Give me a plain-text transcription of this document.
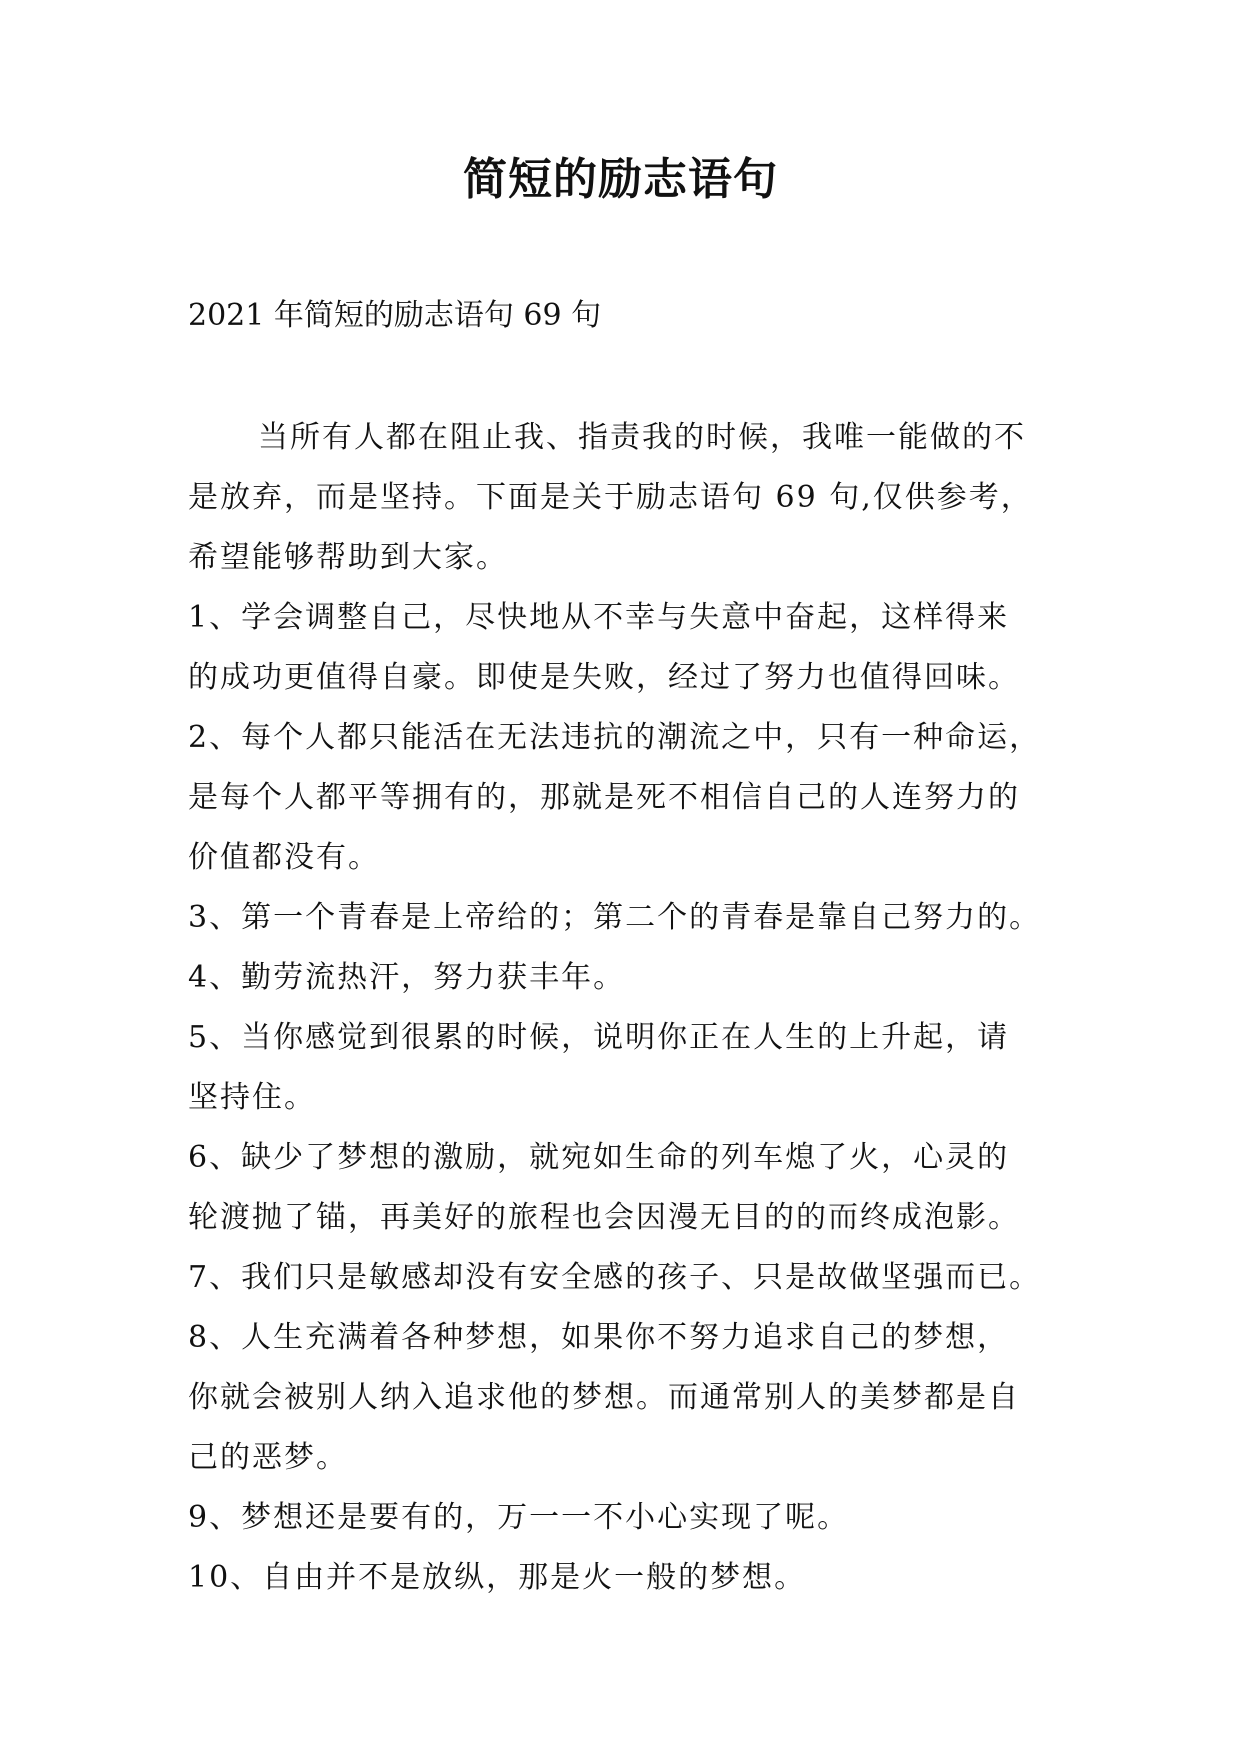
简短的励志语句

2021 年简短的励志语句 69 句

当所有人都在阻止我、指责我的时候，我唯一能做的不
是放弃，而是坚持。下面是关于励志语句 69 句,仅供参考，
希望能够帮助到大家。
1、学会调整自己，尽快地从不幸与失意中奋起，这样得来
的成功更值得自豪。即使是失败，经过了努力也值得回味。
2、每个人都只能活在无法违抗的潮流之中，只有一种命运，
是每个人都平等拥有的，那就是死不相信自己的人连努力的
价值都没有。
3、第一个青春是上帝给的；第二个的青春是靠自己努力的。
4、勤劳流热汗，努力获丰年。
5、当你感觉到很累的时候，说明你正在人生的上升起，请
坚持住。
6、缺少了梦想的激励，就宛如生命的列车熄了火，心灵的
轮渡抛了锚，再美好的旅程也会因漫无目的的而终成泡影。
7、我们只是敏感却没有安全感的孩子、只是故做坚强而已。
8、人生充满着各种梦想，如果你不努力追求自己的梦想，
你就会被别人纳入追求他的梦想。而通常别人的美梦都是自
己的恶梦。
9、梦想还是要有的，万一一不小心实现了呢。
10、自由并不是放纵，那是火一般的梦想。
